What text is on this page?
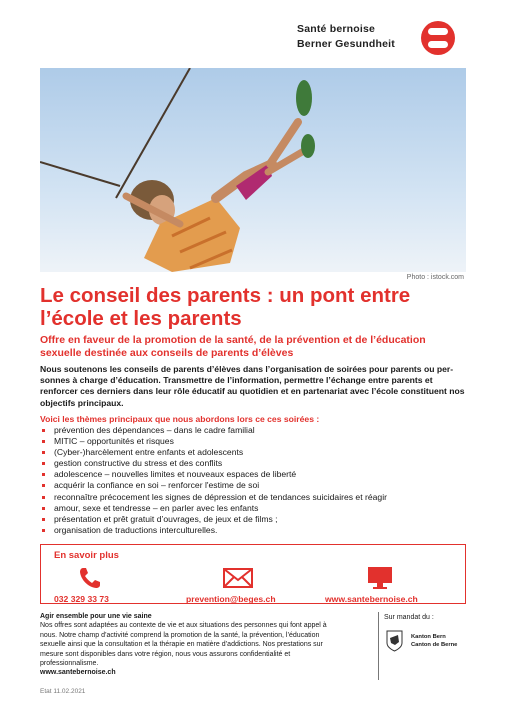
Santé bernoise
Berner Gesundheit
Photo : istock.com
Le conseil des parents : un pont entre l’école et les parents
Offre en faveur de la promotion de la santé, de la prévention et de l’éducation sexuelle destinée aux conseils de parents d’élèves

Nous soutenons les conseils de parents d’élèves dans l’organisation de soirées pour parents ou per- sonnes à charge d’éducation. Transmettre de l’information, permettre l’échange entre parents et renforcer ces derniers dans leur rôle éducatif au quotidien et en partenariat avec l’école constituent nos objectifs principaux.

Voici les thèmes principaux que nous abordons lors ce ces soirées :
prévention des dépendances – dans le cadre familial
MITIC – opportunités et risques
(Cyber-)harcèlement entre enfants et adolescents
gestion constructive du stress et des conflits
adolescence – nouvelles limites et nouveaux espaces de liberté
acquérir la confiance en soi – renforcer l'estime de soi
reconnaître précocement les signes de dépression et de tendances suicidaires et réagir
amour, sexe et tendresse – en parler avec les enfants
présentation et prêt gratuit d’ouvrages, de jeux et de films ;
organisation de traductions interculturelles.
En savoir plus
032 329 33 73	prevention@beges.ch	www.santebernoise.ch
Agir ensemble pour une vie saine
Nos offres sont adaptées au contexte de vie et aux situations des personnes qui font appel à nous. Notre champ d’activité comprend la promotion de la santé, la prévention, l’éducation sexuelle ainsi que la consultation et la thérapie en matière d’addictions. Nos prestations sur mesure sont disponibles dans votre région, nous vous assurons confidentialité et professionnalisme.
www.santebernoise.ch
Sur mandat du :
Kanton Bern
Canton de Berne
Etat 11.02.2021
